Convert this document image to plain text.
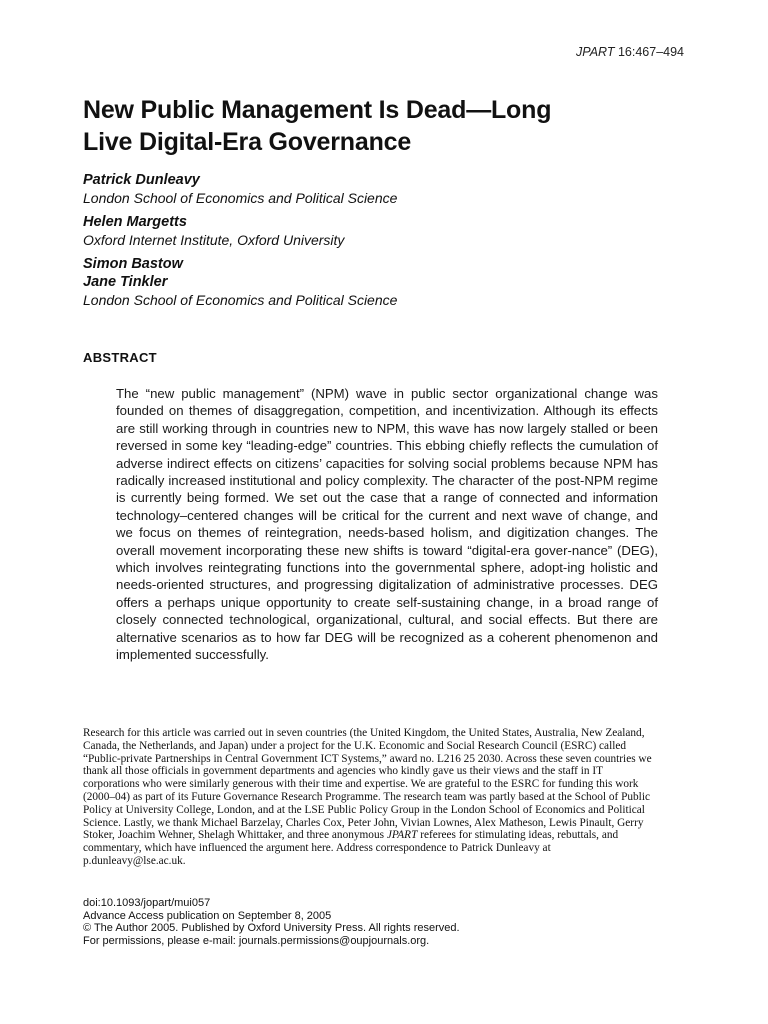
JPART 16:467–494
New Public Management Is Dead—Long
Live Digital-Era Governance

Patrick Dunleavy

London School of Economics and Political Science

Helen Margetts

Oxford Internet Institute, Oxford University

Simon Bastow

Jane Tinkler

London School of Economics and Political Science

ABSTRACT

The “new public management” (NPM) wave in public sector organizational change was founded on themes of disaggregation, competition, and incentivization. Although its effects are still working through in countries new to NPM, this wave has now largely stalled or been reversed in some key “leading-edge” countries. This ebbing chiefly reflects the cumulation of adverse indirect effects on citizens’ capacities for solving social problems because NPM has radically increased institutional and policy complexity. The character of the post-NPM regime is currently being formed. We set out the case that a range of connected and information technology–centered changes will be critical for the current and next wave of change, and we focus on themes of reintegration, needs-based holism, and digitization changes. The overall movement incorporating these new shifts is toward “digital-era gover-nance” (DEG), which involves reintegrating functions into the governmental sphere, adopt-ing holistic and needs-oriented structures, and progressing digitalization of administrative processes. DEG offers a perhaps unique opportunity to create self-sustaining change, in a broad range of closely connected technological, organizational, cultural, and social effects. But there are alternative scenarios as to how far DEG will be recognized as a coherent phenomenon and implemented successfully.

Research for this article was carried out in seven countries (the United Kingdom, the United States, Australia, New Zealand, Canada, the Netherlands, and Japan) under a project for the U.K. Economic and Social Research Council (ESRC) called “Public-private Partnerships in Central Government ICT Systems,” award no. L216 25 2030. Across these seven countries we thank all those officials in government departments and agencies who kindly gave us their views and the staff in IT corporations who were similarly generous with their time and expertise. We are grateful to the ESRC for funding this work (2000–04) as part of its Future Governance Research Programme. The research team was partly based at the School of Public Policy at University College, London, and at the LSE Public Policy Group in the London School of Economics and Political Science. Lastly, we thank Michael Barzelay, Charles Cox, Peter John, Vivian Lownes, Alex Matheson, Lewis Pinault, Gerry Stoker, Joachim Wehner, Shelagh Whittaker, and three anonymous JPART referees for stimulating ideas, rebuttals, and commentary, which have influenced the argument here. Address correspondence to Patrick Dunleavy at p.dunleavy@lse.ac.uk.

doi:10.1093/jopart/mui057
Advance Access publication on September 8, 2005
© The Author 2005. Published by Oxford University Press. All rights reserved.
For permissions, please e-mail: journals.permissions@oupjournals.org.
